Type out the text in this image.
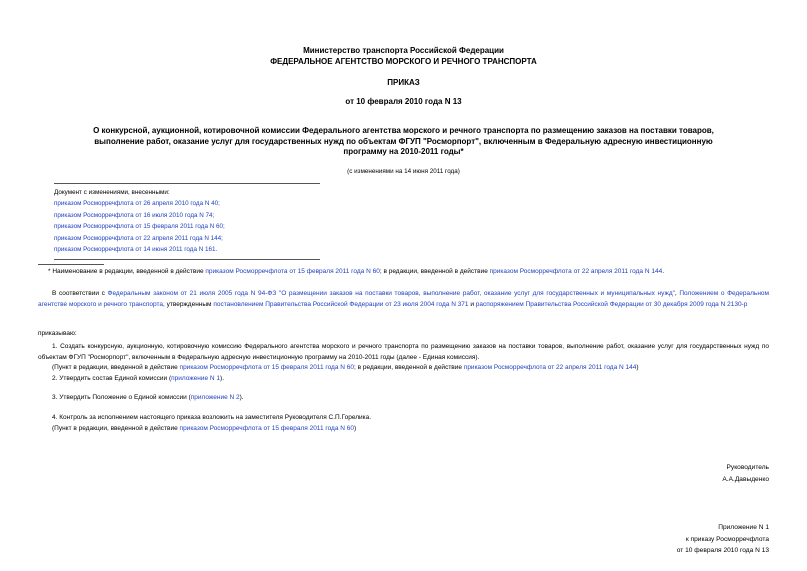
Министерство транспорта Российской Федерации
ФЕДЕРАЛЬНОЕ АГЕНТСТВО МОРСКОГО И РЕЧНОГО ТРАНСПОРТА
ПРИКАЗ
от 10 февраля 2010 года N 13
О конкурсной, аукционной, котировочной комиссии Федерального агентства морского и речного транспорта по размещению заказов на поставки товаров,
выполнение работ, оказание услуг для государственных нужд по объектам ФГУП "Росморпорт", включенным в Федеральную адресную инвестиционную
программу на 2010-2011 годы*
(с изменениями на 14 июня 2011 года)
Документ с изменениями, внесенными:
приказом Росморречфлота от 26 апреля 2010 года N 40;
приказом Росморречфлота от 16 июля 2010 года N 74;
приказом Росморречфлота от 15 февраля 2011 года N 60;
приказом Росморречфлота от 22 апреля 2011 года N 144;
приказом Росморречфлота от 14 июня 2011 года N 161.
* Наименование в редакции, введенной в действие приказом Росморречфлота от 15 февраля 2011 года N 60; в редакции, введенной в действие приказом Росморречфлота от 22 апреля 2011 года N 144.
В соответствии с Федеральным законом от 21 июля 2005 года N 94-ФЗ "О размещении заказов на поставки товаров, выполнение работ, оказание услуг для государственных и муниципальных нужд", Положением о Федеральном агентстве морского и речного транспорта, утвержденным постановлением Правительства Российской Федерации от 23 июля 2004 года N 371 и распоряжением Правительства Российской Федерации от 30 декабря 2009 года N 2130-р
приказываю:
1. Создать конкурсную, аукционную, котировочную комиссию Федерального агентства морского и речного транспорта по размещению заказов на поставки товаров, выполнение работ, оказание услуг для государственных нужд по объектам ФГУП "Росморпорт", включенным в Федеральную адресную инвестиционную программу на 2010-2011 годы (далее - Единая комиссия).
(Пункт в редакции, введенной в действие приказом Росморречфлота от 15 февраля 2011 года N 60; в редакции, введенной в действие приказом Росморречфлота от 22 апреля 2011 года N 144)
2. Утвердить состав Единой комиссии (приложение N 1).
3. Утвердить Положение о Единой комиссии (приложение N 2).
4. Контроль за исполнением настоящего приказа возложить на заместителя Руководителя С.П.Горелика.
(Пункт в редакции, введенной в действие приказом Росморречфлота от 15 февраля 2011 года N 60)
Руководитель
А.А.Давыденко
Приложение N 1
к приказу Росморречфлота
от 10 февраля 2010 года N 13
